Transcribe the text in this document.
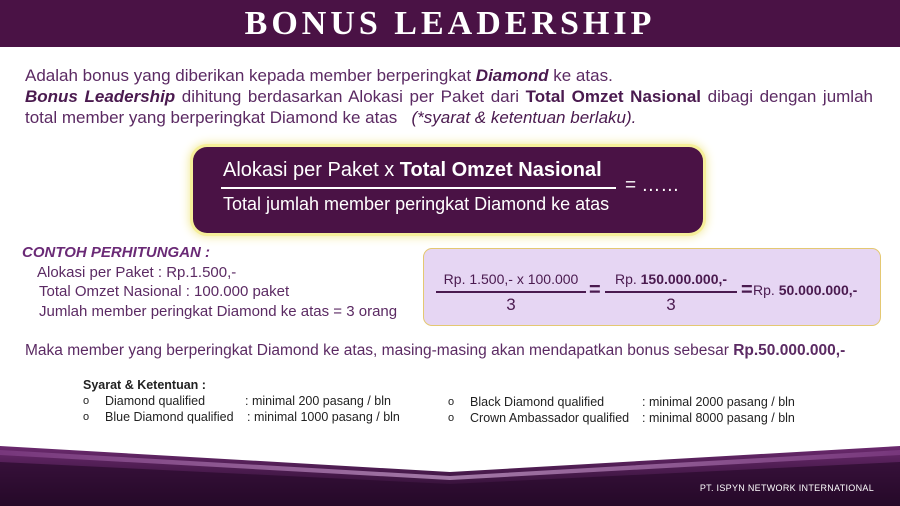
BONUS LEADERSHIP
Adalah bonus yang diberikan kepada member berperingkat Diamond ke atas.
Bonus Leadership dihitung berdasarkan Alokasi per Paket dari Total Omzet Nasional dibagi dengan jumlah total member yang berperingkat Diamond ke atas (*syarat & ketentuan berlaku).
Alokasi per Paket x Total Omzet Nasional
Total jumlah member peringkat Diamond ke atas
= ……
CONTOH PERHITUNGAN :
Alokasi per Paket : Rp.1.500,-
Total Omzet Nasional : 100.000 paket
Jumlah member peringkat Diamond ke atas = 3 orang
Rp. 1.500,- x 100.000
3
=	Rp. 150.000.000,-
3
= Rp. 50.000.000,-
Maka member yang berperingkat Diamond ke atas, masing-masing akan mendapatkan bonus sebesar Rp.50.000.000,-
Syarat & Ketentuan :
o	Diamond qualified	: minimal 200 pasang / bln
o	Blue Diamond qualified	: minimal 1000 pasang / bln
o	Black Diamond qualified	: minimal 2000 pasang / bln
o	Crown Ambassador qualified	: minimal 8000 pasang / bln
PT. ISPYN NETWORK INTERNATIONAL
